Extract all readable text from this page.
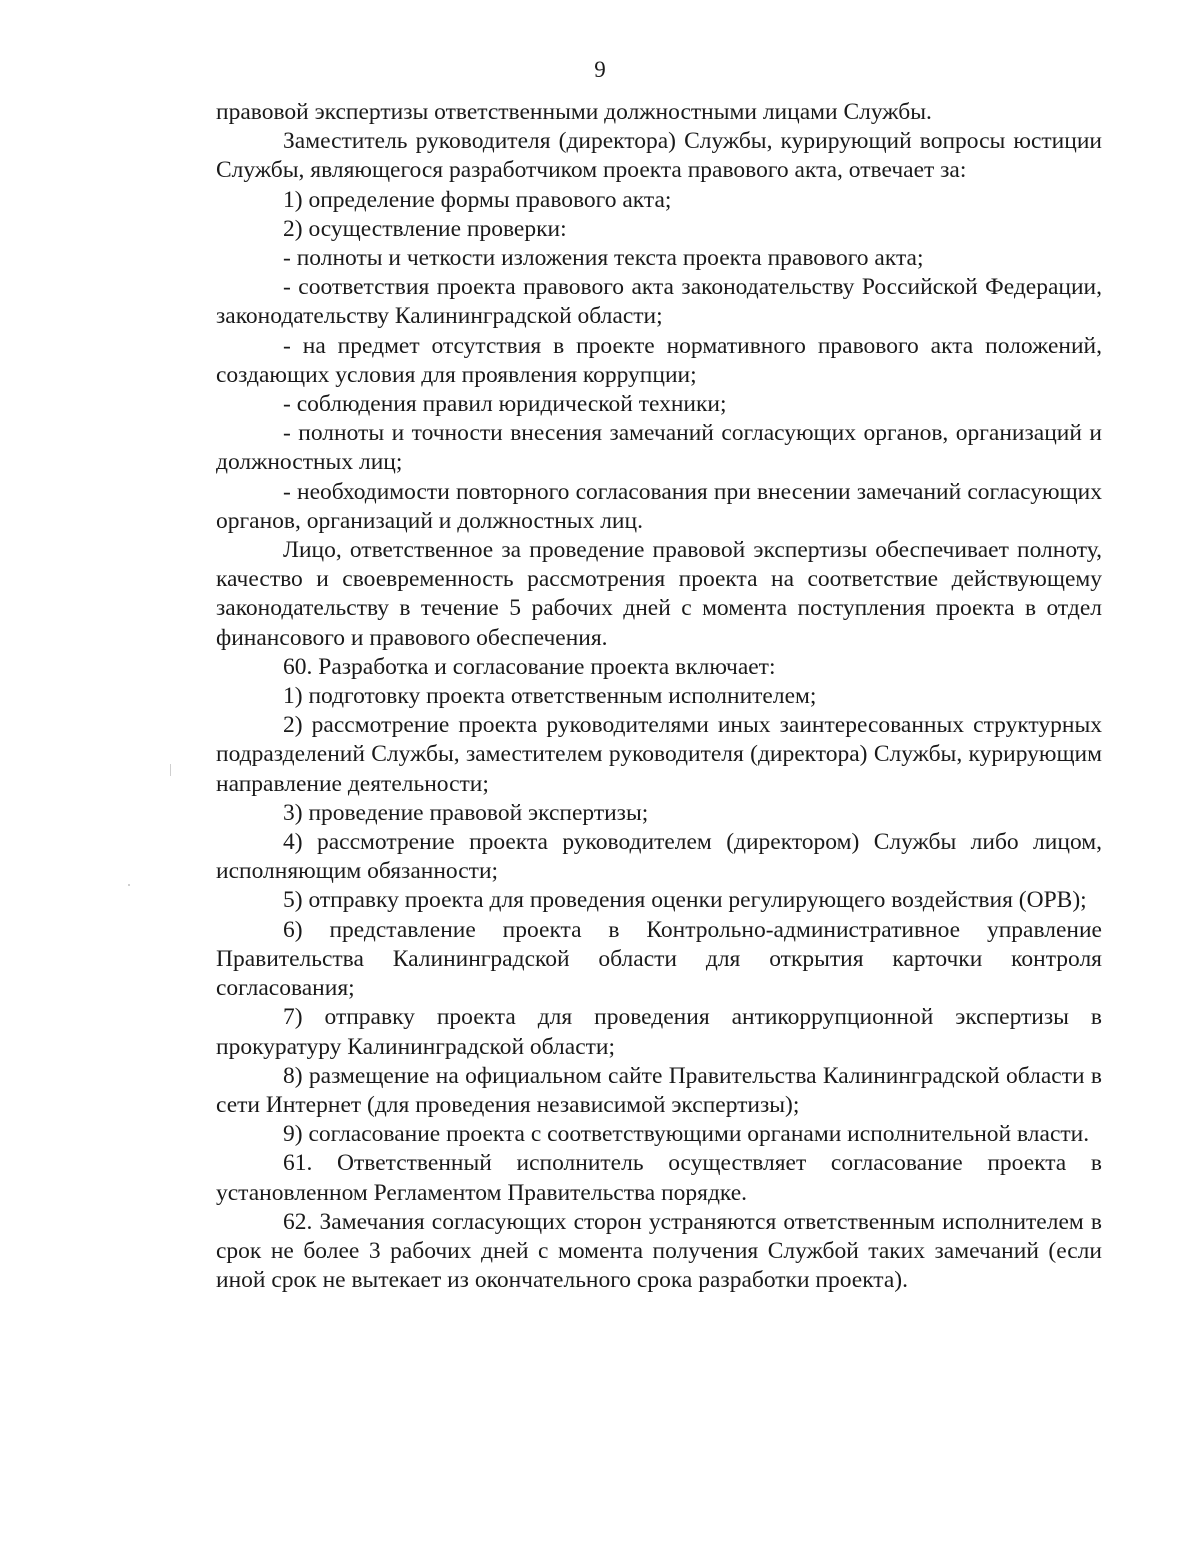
9

правовой экспертизы ответственными должностными лицами Службы.

Заместитель руководителя (директора) Службы, курирующий вопросы юстиции Службы, являющегося разработчиком проекта правового акта, отвечает за:

1) определение формы правового акта;

2) осуществление проверки:

- полноты и четкости изложения текста проекта правового акта;

- соответствия проекта правового акта законодательству Российской Федерации, законодательству Калининградской области;

- на предмет отсутствия в проекте нормативного правового акта положений, создающих условия для проявления коррупции;

- соблюдения правил юридической техники;

- полноты и точности внесения замечаний согласующих органов, организаций и должностных лиц;

- необходимости повторного согласования при внесении замечаний согласующих органов, организаций и должностных лиц.

Лицо, ответственное за проведение правовой экспертизы обеспечивает полноту, качество и своевременность рассмотрения проекта на соответствие действующему законодательству в течение 5 рабочих дней с момента поступления проекта в отдел финансового и правового обеспечения.

60. Разработка и согласование проекта включает:

1) подготовку проекта ответственным исполнителем;

2) рассмотрение проекта руководителями иных заинтересованных структурных подразделений Службы, заместителем руководителя (директора) Службы, курирующим направление деятельности;

3) проведение правовой экспертизы;

4) рассмотрение проекта руководителем (директором) Службы либо лицом, исполняющим обязанности;

5) отправку проекта для проведения оценки регулирующего воздействия (ОРВ);

6) представление проекта в Контрольно-административное управление Правительства Калининградской области для открытия карточки контроля согласования;

7) отправку проекта для проведения антикоррупционной экспертизы в прокуратуру Калининградской области;

8) размещение на официальном сайте Правительства Калининградской области в сети Интернет (для проведения независимой экспертизы);

9) согласование проекта с соответствующими органами исполнительной власти.

61. Ответственный исполнитель осуществляет согласование проекта в установленном Регламентом Правительства порядке.

62. Замечания согласующих сторон устраняются ответственным исполнителем в срок не более 3 рабочих дней с момента получения Службой таких замечаний (если иной срок не вытекает из окончательного срока разработки проекта).
